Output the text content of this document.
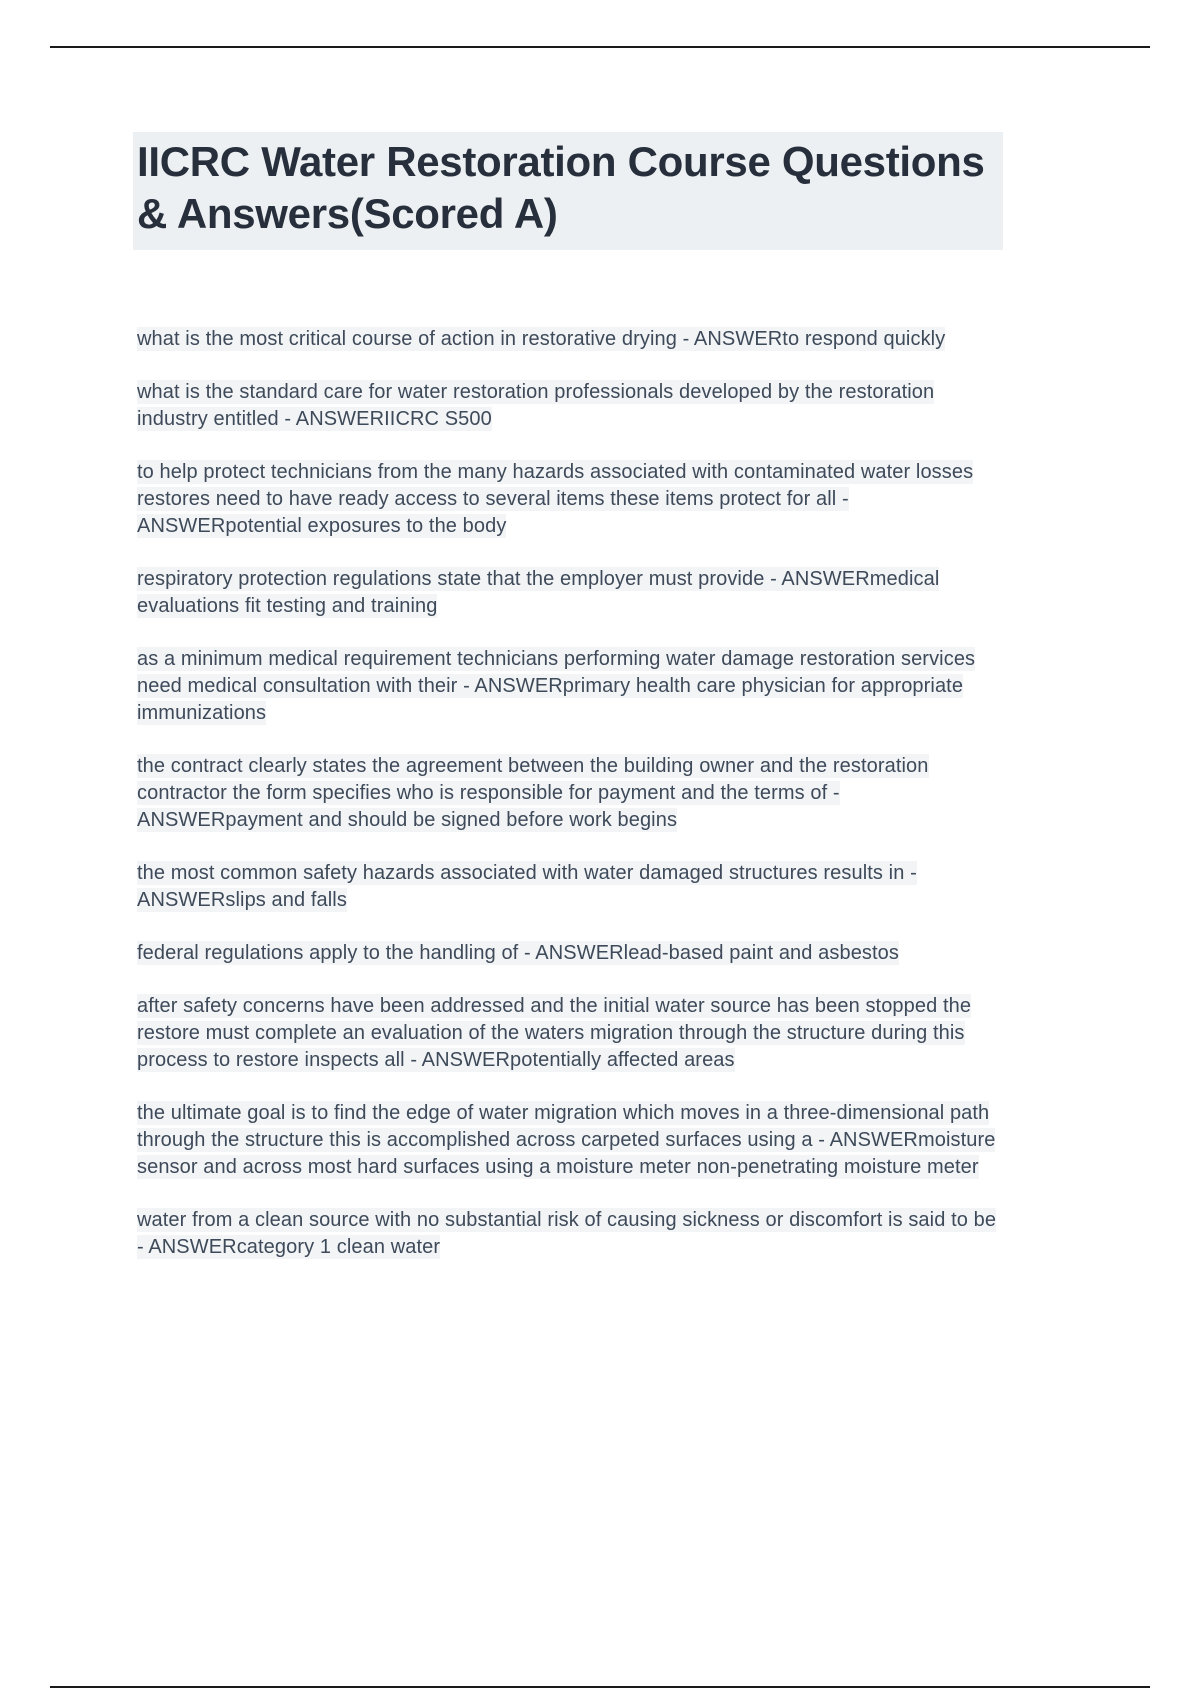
IICRC Water Restoration Course Questions & Answers(Scored A)

what is the most critical course of action in restorative drying - ANSWERto respond quickly

what is the standard care for water restoration professionals developed by the restoration industry entitled - ANSWERIICRC S500

to help protect technicians from the many hazards associated with contaminated water losses restores need to have ready access to several items these items protect for all - ANSWERpotential exposures to the body

respiratory protection regulations state that the employer must provide - ANSWERmedical evaluations fit testing and training

as a minimum medical requirement technicians performing water damage restoration services need medical consultation with their - ANSWERprimary health care physician for appropriate immunizations

the contract clearly states the agreement between the building owner and the restoration contractor the form specifies who is responsible for payment and the terms of - ANSWERpayment and should be signed before work begins

the most common safety hazards associated with water damaged structures results in - ANSWERslips and falls

federal regulations apply to the handling of - ANSWERlead-based paint and asbestos

after safety concerns have been addressed and the initial water source has been stopped the restore must complete an evaluation of the waters migration through the structure during this process to restore inspects all - ANSWERpotentially affected areas

the ultimate goal is to find the edge of water migration which moves in a three-dimensional path through the structure this is accomplished across carpeted surfaces using a - ANSWERmoisture sensor and across most hard surfaces using a moisture meter non-penetrating moisture meter

water from a clean source with no substantial risk of causing sickness or discomfort is said to be - ANSWERcategory 1 clean water
